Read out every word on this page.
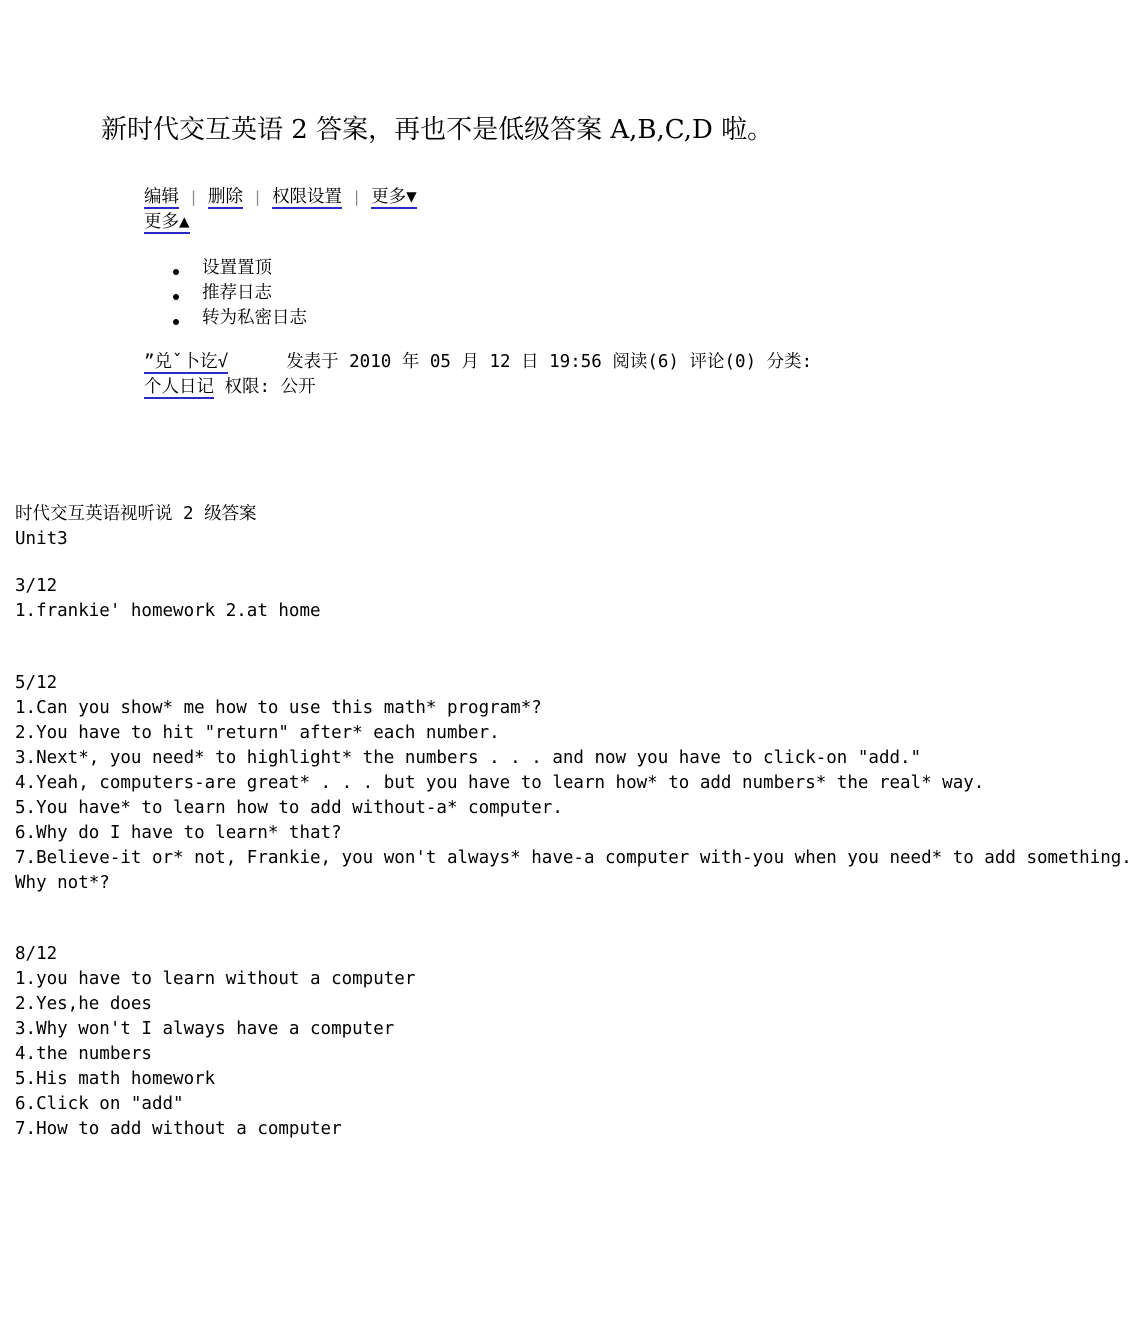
新时代交互英语 2 答案，再也不是低级答案 A,B,C,D 啦。
编辑 | 删除 | 权限设置 | 更多▼
更多▲
设置置顶
推荐日志
转为私密日志
”兑ˇ卜讫√	发表于 2010 年 05 月 12 日 19:56 阅读(6) 评论(0) 分类:
个人日记 权限: 公开
时代交互英语视听说 2 级答案
Unit3
3/12
1.frankie' homework 2.at home
5/12
1.Can you show* me how to use this math* program*?
2.You have to hit "return" after* each number.
3.Next*, you need* to highlight* the numbers . . . and now you have to click-on "add."
4.Yeah, computers-are great* . . . but you have to learn how* to add numbers* the real* way.
5.You have* to learn how to add without-a* computer.
6.Why do I have to learn* that?
7.Believe-it or* not, Frankie, you won't always* have-a computer with-you when you need* to add something.
Why not*?
8/12
1.you have to learn without a computer
2.Yes,he does
3.Why won't I always have a computer
4.the numbers
5.His math homework
6.Click on "add"
7.How to add without a computer
